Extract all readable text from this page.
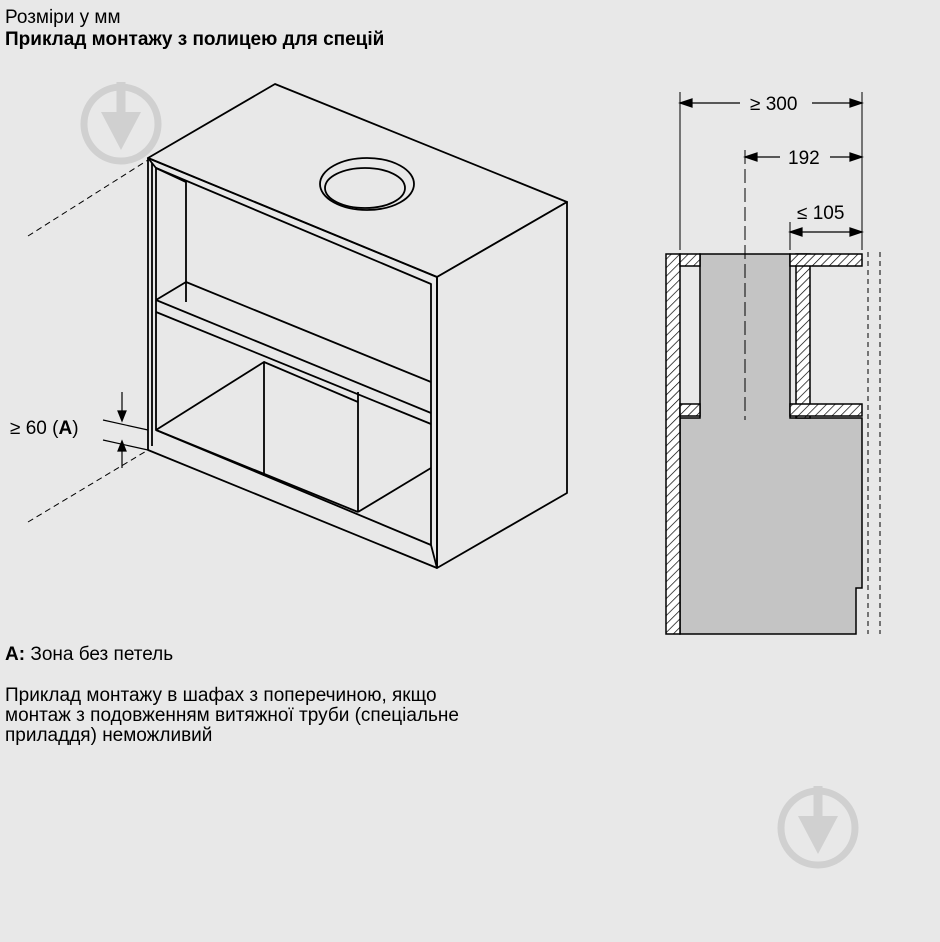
≥ 60 (A)
≥ 300
192
≤ 105

Розміри у мм

Приклад монтажу з полицею для спецій

A: Зона без петель

Приклад монтажу в шафах з поперечиною, якщо
монтаж з подовженням витяжної труби (спеціальне
приладдя) неможливий
